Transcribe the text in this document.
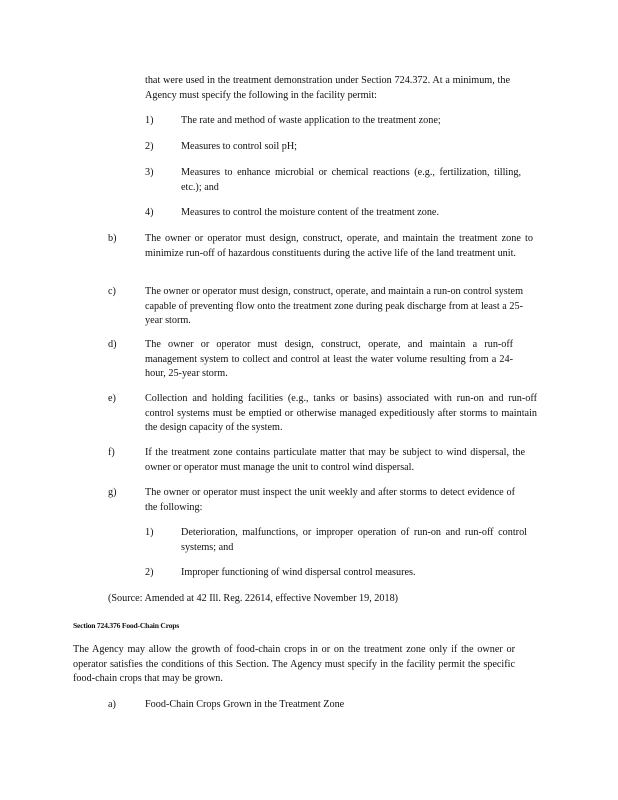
that were used in the treatment demonstration under Section 724.372. At a minimum, the Agency must specify the following in the facility permit:

1)	The rate and method of waste application to the treatment zone;

2)	Measures to control soil pH;

3)	Measures to enhance microbial or chemical reactions (e.g., fertilization, tilling, etc.); and

4)	Measures to control the moisture content of the treatment zone.

b)	The owner or operator must design, construct, operate, and maintain the treatment zone to minimize run-off of hazardous constituents during the active life of the land treatment unit.

c)	The owner or operator must design, construct, operate, and maintain a run-on control system capable of preventing flow onto the treatment zone during peak discharge from at least a 25-year storm.

d)	The owner or operator must design, construct, operate, and maintain a run-off management system to collect and control at least the water volume resulting from a 24-hour, 25-year storm.

e)	Collection and holding facilities (e.g., tanks or basins) associated with run-on and run-off control systems must be emptied or otherwise managed expeditiously after storms to maintain the design capacity of the system.

f)	If the treatment zone contains particulate matter that may be subject to wind dispersal, the owner or operator must manage the unit to control wind dispersal.

g)	The owner or operator must inspect the unit weekly and after storms to detect evidence of the following:

1)	Deterioration, malfunctions, or improper operation of run-on and run-off control systems; and

2)	Improper functioning of wind dispersal control measures.

(Source: Amended at 42 Ill. Reg. 22614, effective November 19, 2018)

Section 724.376 Food-Chain Crops

The Agency may allow the growth of food-chain crops in or on the treatment zone only if the owner or operator satisfies the conditions of this Section. The Agency must specify in the facility permit the specific food-chain crops that may be grown.

a)	Food-Chain Crops Grown in the Treatment Zone
